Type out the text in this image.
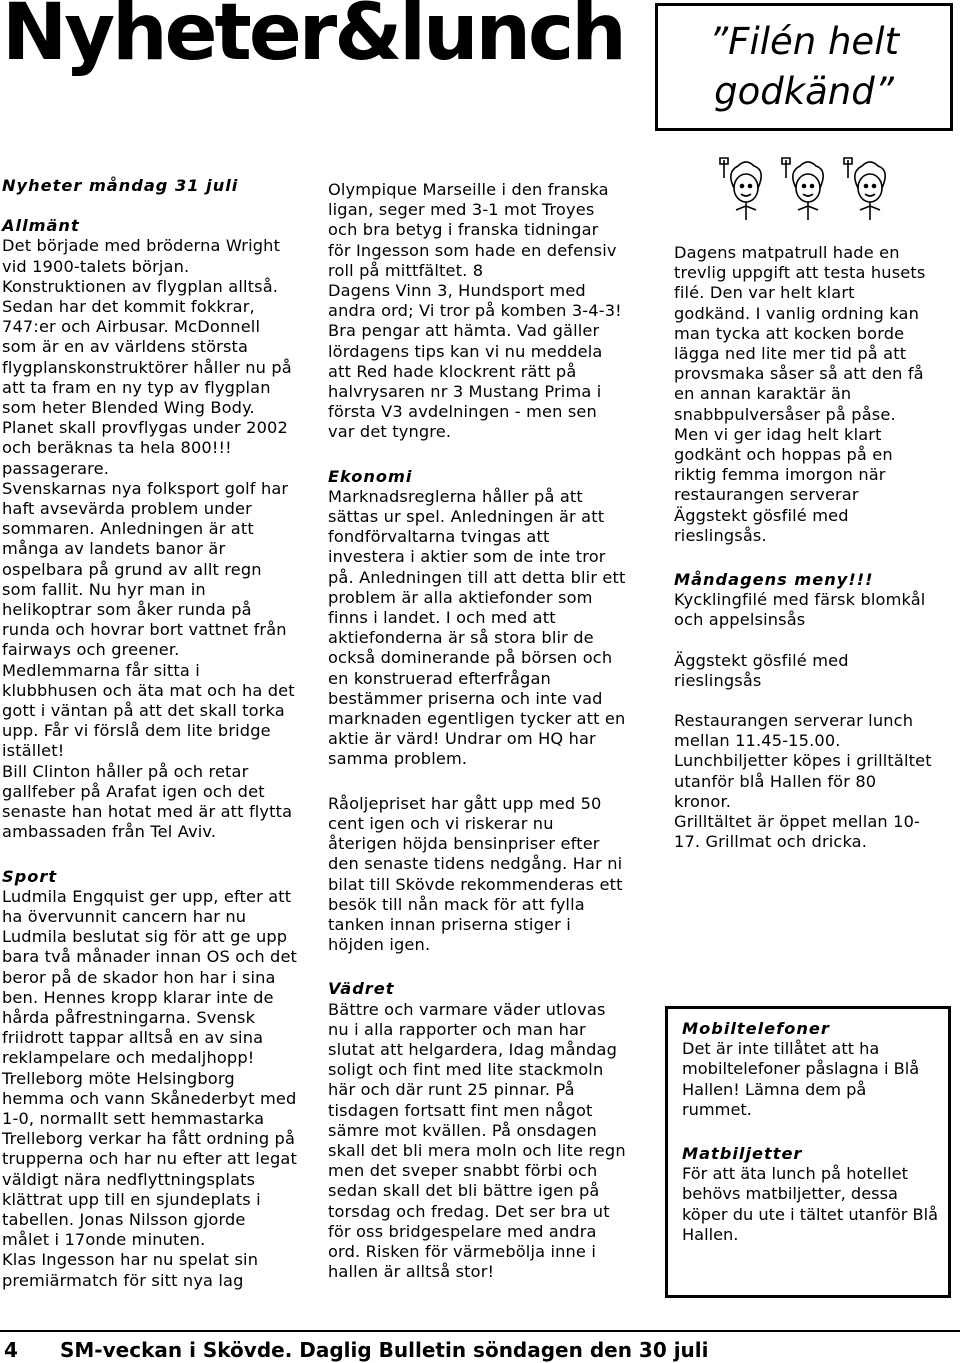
Nyheter&lunch ”Filén helt
godkänd”

Nyheter måndag 31 juli

Allmänt

Det började med bröderna Wright vid 1900-talets början. Konstruktionen av flygplan alltså. Sedan har det kommit fokkrar, 747:er och Airbusar. McDonnell som är en av världens största flygplanskonstruktörer håller nu på att ta fram en ny typ av flygplan som heter Blended Wing Body. Planet skall provflygas under 2002 och beräknas ta hela 800!!! passagerare.

Svenskarnas nya folksport golf har haft avsevärda problem under sommaren. Anledningen är att många av landets banor är ospelbara på grund av allt regn som fallit. Nu hyr man in helikoptrar som åker runda på runda och hovrar bort vattnet från fairways och greener. Medlemmarna får sitta i klubbhusen och äta mat och ha det gott i väntan på att det skall torka upp. Får vi förslå dem lite bridge istället!

Bill Clinton håller på och retar gallfeber på Arafat igen och det senaste han hotat med är att flytta ambassaden från Tel Aviv.

Sport

Ludmila Engquist ger upp, efter att ha övervunnit cancern har nu Ludmila beslutat sig för att ge upp bara två månader innan OS och det beror på de skador hon har i sina ben. Hennes kropp klarar inte de hårda påfrestningarna. Svensk friidrott tappar alltså en av sina reklampelare och medaljhopp!

Trelleborg möte Helsingborg hemma och vann Skånederbyt med 1-0, normallt sett hemmastarka Trelleborg verkar ha fått ordning på trupperna och har nu efter att legat väldigt nära nedflyttningsplats klättrat upp till en sjundeplats i tabellen. Jonas Nilsson gjorde målet i 17onde minuten.

Klas Ingesson har nu spelat sin premiärmatch för sitt nya lag

Olympique Marseille i den franska ligan, seger med 3-1 mot Troyes och bra betyg i franska tidningar för Ingesson som hade en defensiv roll på mittfältet. 8

Dagens Vinn 3, Hundsport med andra ord; Vi tror på komben 3-4-3! Bra pengar att hämta. Vad gäller lördagens tips kan vi nu meddela att Red hade klockrent rätt på halvrysaren nr 3 Mustang Prima i första V3 avdelningen - men sen var det tyngre.

Ekonomi

Marknadsreglerna håller på att sättas ur spel. Anledningen är att fondförvaltarna tvingas att investera i aktier som de inte tror på. Anledningen till att detta blir ett problem är alla aktiefonder som finns i landet. I och med att aktiefonderna är så stora blir de också dominerande på börsen och en konstruerad efterfrågan bestämmer priserna och inte vad marknaden egentligen tycker att en aktie är värd! Undrar om HQ har samma problem.

Råoljepriset har gått upp med 50 cent igen och vi riskerar nu återigen höjda bensinpriser efter den senaste tidens nedgång. Har ni bilat till Skövde rekommenderas ett besök till nån mack för att fylla tanken innan priserna stiger i höjden igen.

Vädret

Bättre och varmare väder utlovas nu i alla rapporter och man har slutat att helgardera, Idag måndag soligt och fint med lite stackmoln här och där runt 25 pinnar. På tisdagen fortsatt fint men något sämre mot kvällen. På onsdagen skall det bli mera moln och lite regn men det sveper snabbt förbi och sedan skall det bli bättre igen på torsdag och fredag. Det ser bra ut för oss bridgespelare med andra ord. Risken för värmebölja inne i hallen är alltså stor!

Dagens matpatrull hade en trevlig uppgift att testa husets filé. Den var helt klart godkänd. I vanlig ordning kan man tycka att kocken borde lägga ned lite mer tid på att provsmaka såser så att den få en annan karaktär än snabbpulversåser på påse.

Men vi ger idag helt klart godkänt och hoppas på en riktig femma imorgon när restaurangen serverar Äggstekt gösfilé med rieslingsås.

Måndagens meny!!!

Kycklingfilé med färsk blomkål och appelsinsås

Äggstekt gösfilé med rieslingsås

Restaurangen serverar lunch mellan 11.45-15.00. Lunchbiljetter köpes i grilltältet utanför blå Hallen för 80 kronor.

Grilltältet är öppet mellan 10-17. Grillmat och dricka.

Mobiltelefoner

Det är inte tillåtet att ha mobiltelefoner påslagna i Blå Hallen! Lämna dem på rummet.

Matbiljetter

För att äta lunch på hotellet behövs matbiljetter, dessa köper du ute i tältet utanför Blå Hallen.

4 SM-veckan i Skövde. Daglig Bulletin söndagen den 30 juli
